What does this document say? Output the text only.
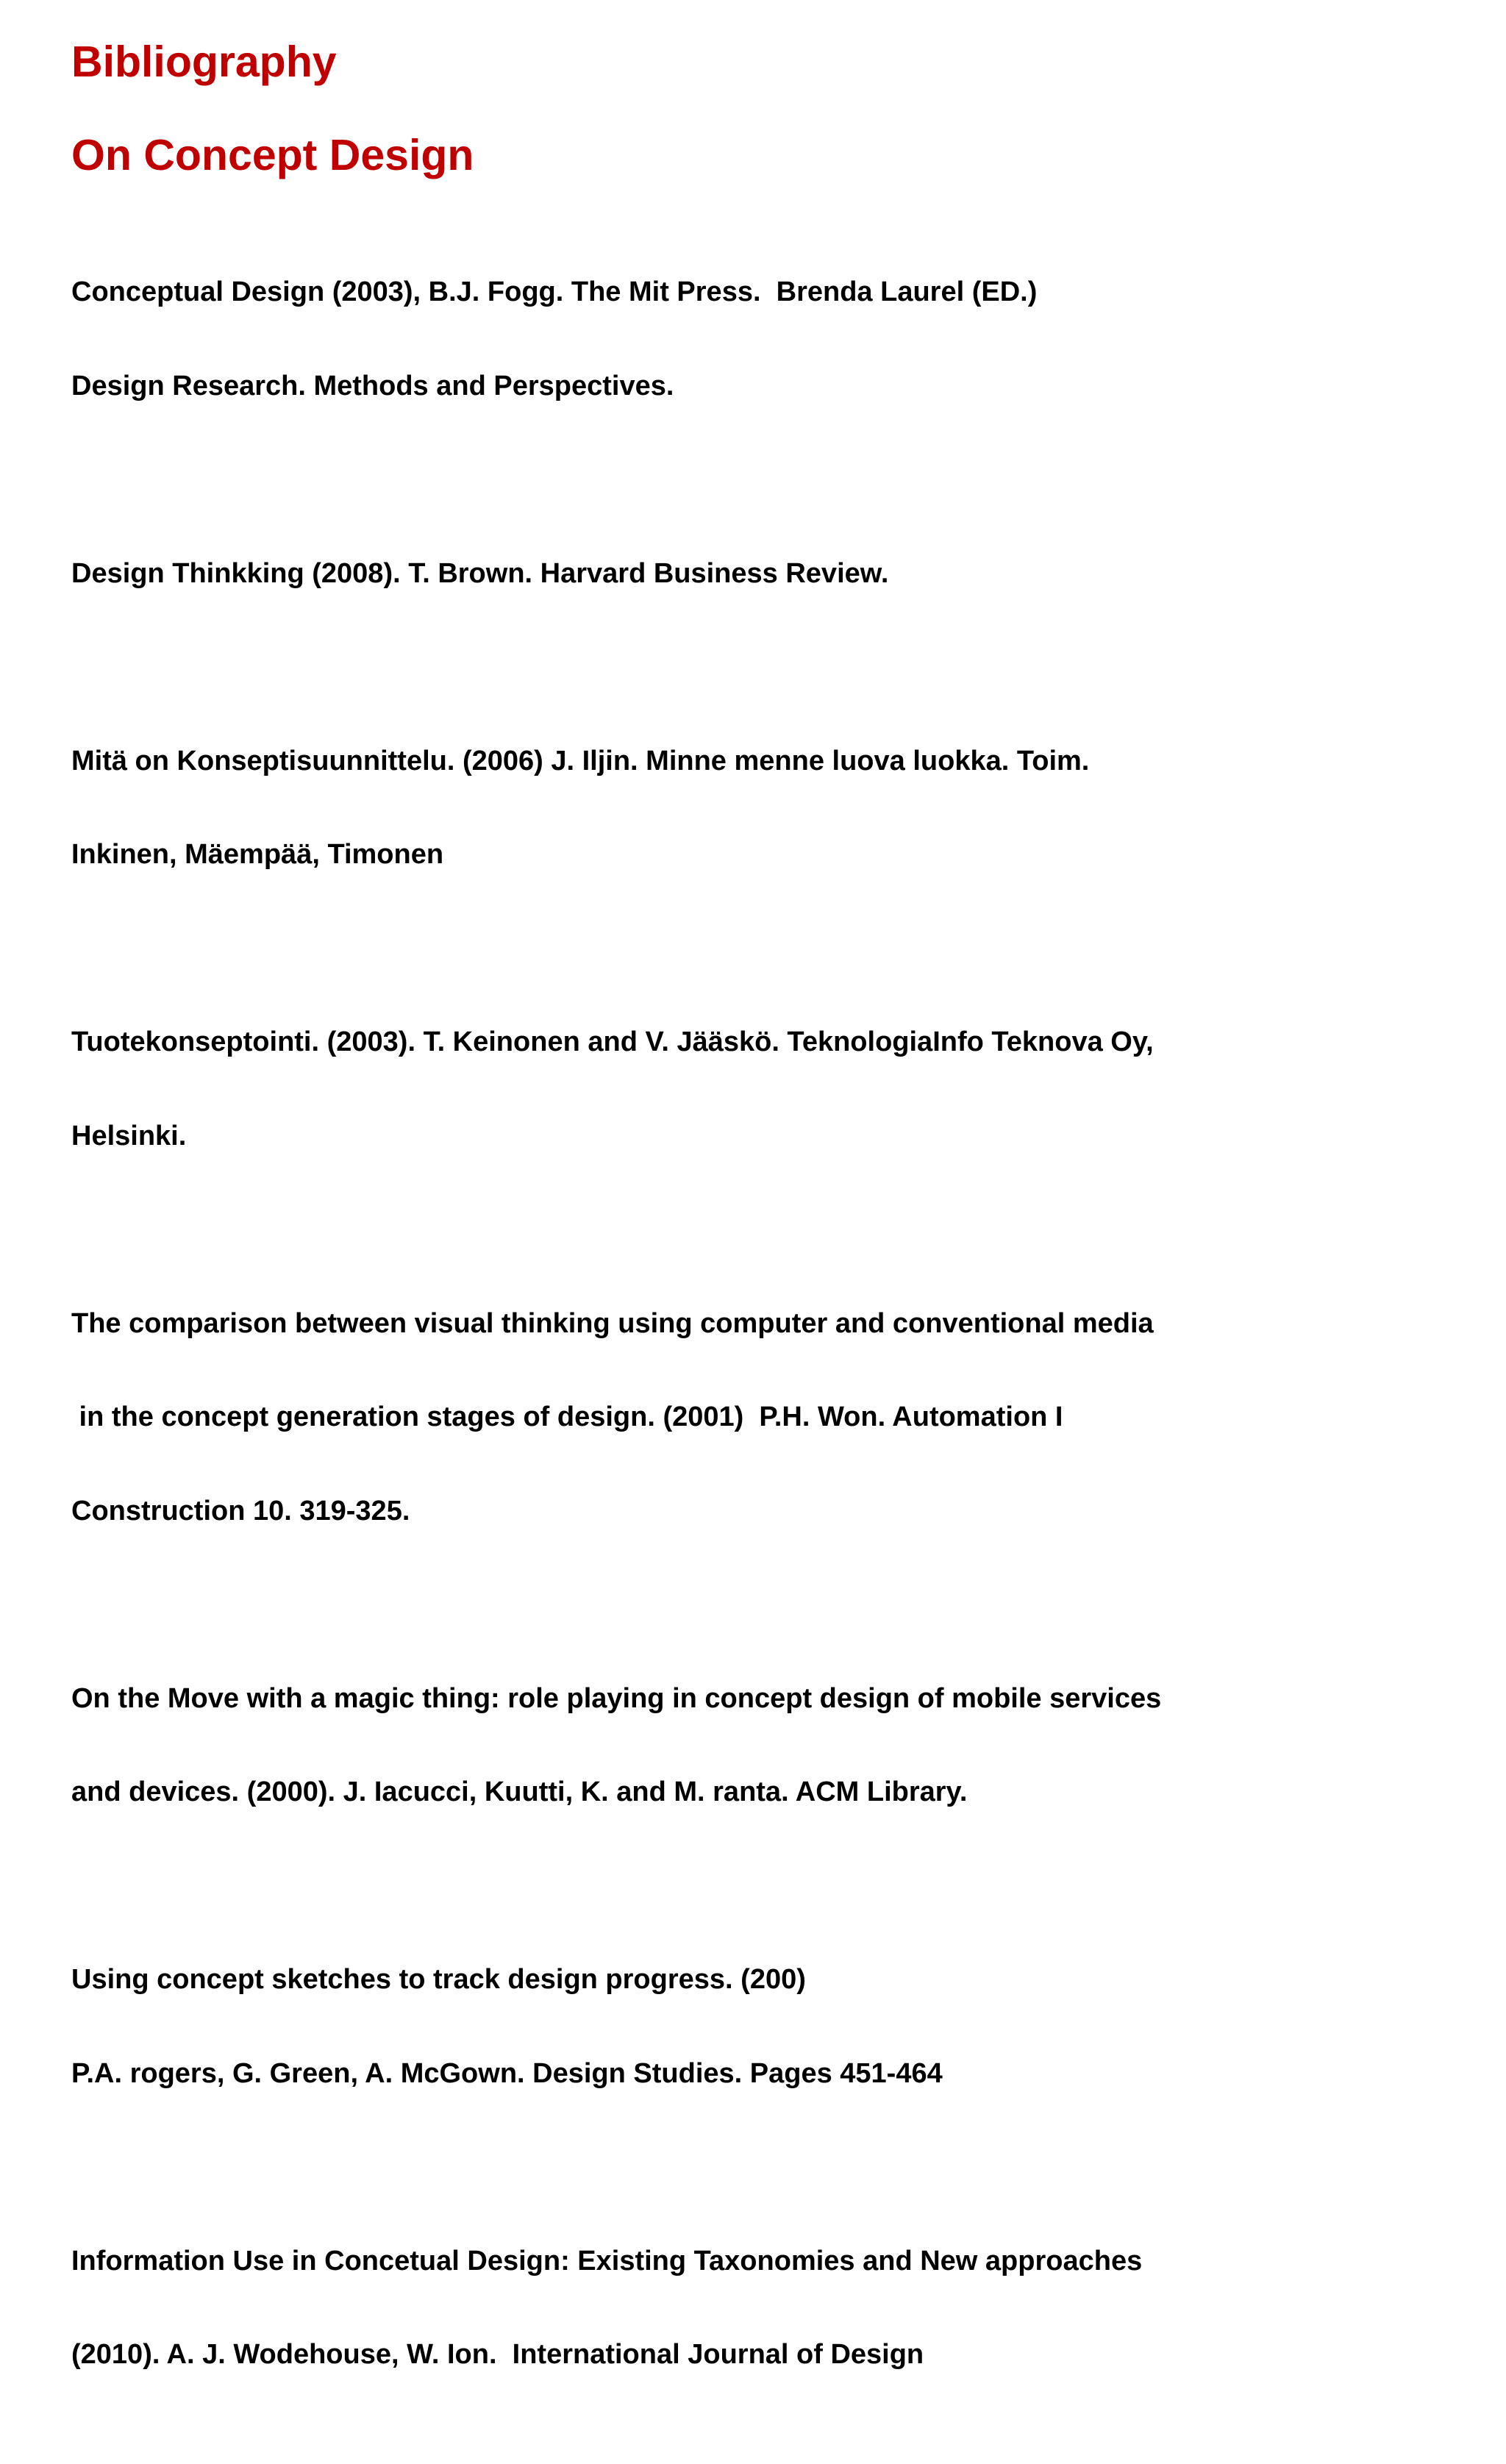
Bibliography
On Concept Design

Conceptual Design (2003), B.J. Fogg. The Mit Press.  Brenda Laurel (ED.)

Design Research. Methods and Perspectives.

Design Thinkking (2008). T. Brown. Harvard Business Review.

Mitä on Konseptisuunnittelu. (2006) J. Iljin. Minne menne luova luokka. Toim.

Inkinen, Mäempää, Timonen

Tuotekonseptointi. (2003). T. Keinonen and V. Jääskö. TeknologiaInfo Teknova Oy,

Helsinki.

The comparison between visual thinking using computer and conventional media

in the concept generation stages of design. (2001)  P.H. Won. Automation I

Construction 10. 319-325.

On the Move with a magic thing: role playing in concept design of mobile services

and devices. (2000). J. Iacucci, Kuutti, K. and M. ranta. ACM Library.

Using concept sketches to track design progress. (200)

P.A. rogers, G. Green, A. McGown. Design Studies. Pages 451-464

Information Use in Concetual Design: Existing Taxonomies and New approaches

(2010). A. J. Wodehouse, W. Ion.  International Journal of Design
